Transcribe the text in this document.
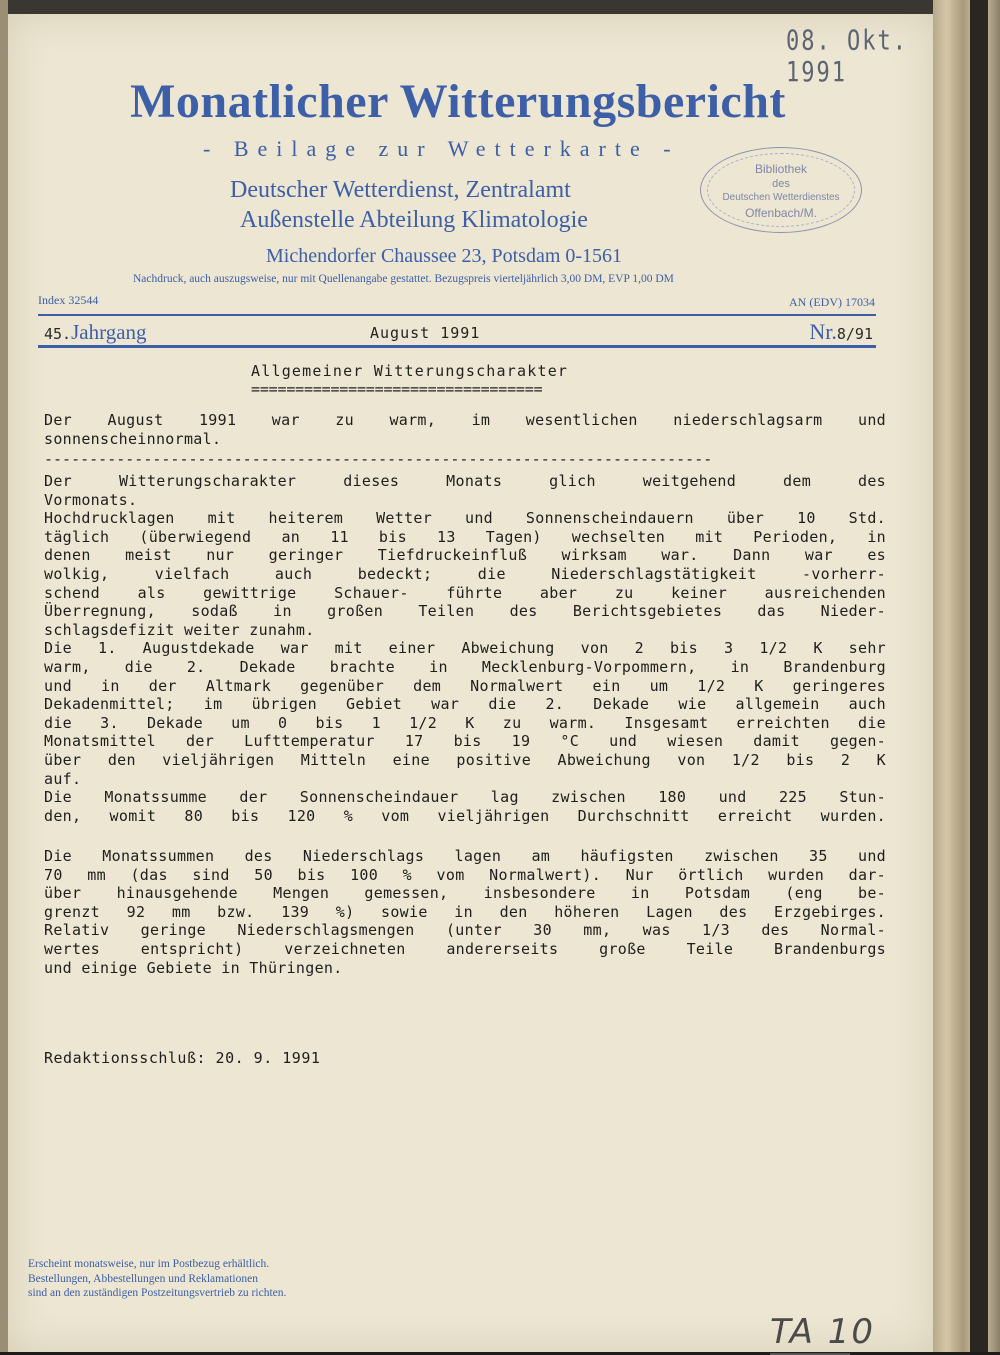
08. Okt. 1991
Monatlicher Witterungsbericht
- Beilage zur Wetterkarte -
Deutscher Wetterdienst, Zentralamt
Außenstelle Abteilung Klimatologie
Michendorfer Chaussee 23, Potsdam 0-1561
Nachdruck, auch auszugsweise, nur mit Quellenangabe gestattet. Bezugspreis vierteljährlich 3,00 DM, EVP 1,00 DM
Index 32544	AN (EDV) 17034
Bibliothek
des
Deutschen Wetterdienstes
Offenbach/M.
45.Jahrgang	August 1991	Nr.8/91
Allgemeiner Witterungscharakter
=================================
Der August 1991 war zu warm, im wesentlichen niederschlagsarm und
sonnenscheinnormal.
--------------------------------------------------------------------------
Der Witterungscharakter dieses Monats glich weitgehend dem des
Vormonats.
Hochdrucklagen mit heiterem Wetter und Sonnenscheindauern über 10 Std.
täglich (überwiegend an 11 bis 13 Tagen) wechselten mit Perioden, in
denen meist nur geringer Tiefdruckeinfluß wirksam war. Dann war es
wolkig, vielfach auch bedeckt; die Niederschlagstätigkeit -vorherr-
schend als gewittrige Schauer- führte aber zu keiner ausreichenden
Überregnung, sodaß in großen Teilen des Berichtsgebietes das Nieder-
schlagsdefizit weiter zunahm.
Die 1. Augustdekade war mit einer Abweichung von 2 bis 3 1/2 K sehr
warm, die 2. Dekade brachte in Mecklenburg-Vorpommern, in Brandenburg
und in der Altmark gegenüber dem Normalwert ein um 1/2 K geringeres
Dekadenmittel; im übrigen Gebiet war die 2. Dekade wie allgemein auch
die 3. Dekade um 0 bis 1 1/2 K zu warm. Insgesamt erreichten die
Monatsmittel der Lufttemperatur 17 bis 19 °C und wiesen damit gegen-
über den vieljährigen Mitteln eine positive Abweichung von 1/2 bis 2 K
auf.
Die Monatssumme der Sonnenscheindauer lag zwischen 180 und 225 Stun-
den, womit 80 bis 120 % vom vieljährigen Durchschnitt erreicht wurden.
Die Monatssummen des Niederschlags lagen am häufigsten zwischen 35 und
70 mm (das sind 50 bis 100 % vom Normalwert). Nur örtlich wurden dar-
über hinausgehende Mengen gemessen, insbesondere in Potsdam (eng be-
grenzt 92 mm bzw. 139 %) sowie in den höheren Lagen des Erzgebirges.
Relativ geringe Niederschlagsmengen (unter 30 mm, was 1/3 des Normal-
wertes entspricht) verzeichneten andererseits große Teile Brandenburgs
und einige Gebiete in Thüringen.
Redaktionsschluß: 20. 9. 1991
Erscheint monatsweise, nur im Postbezug erhältlich.
Bestellungen, Abbestellungen und Reklamationen
sind an den zuständigen Postzeitungsvertrieb zu richten.
TA 10
